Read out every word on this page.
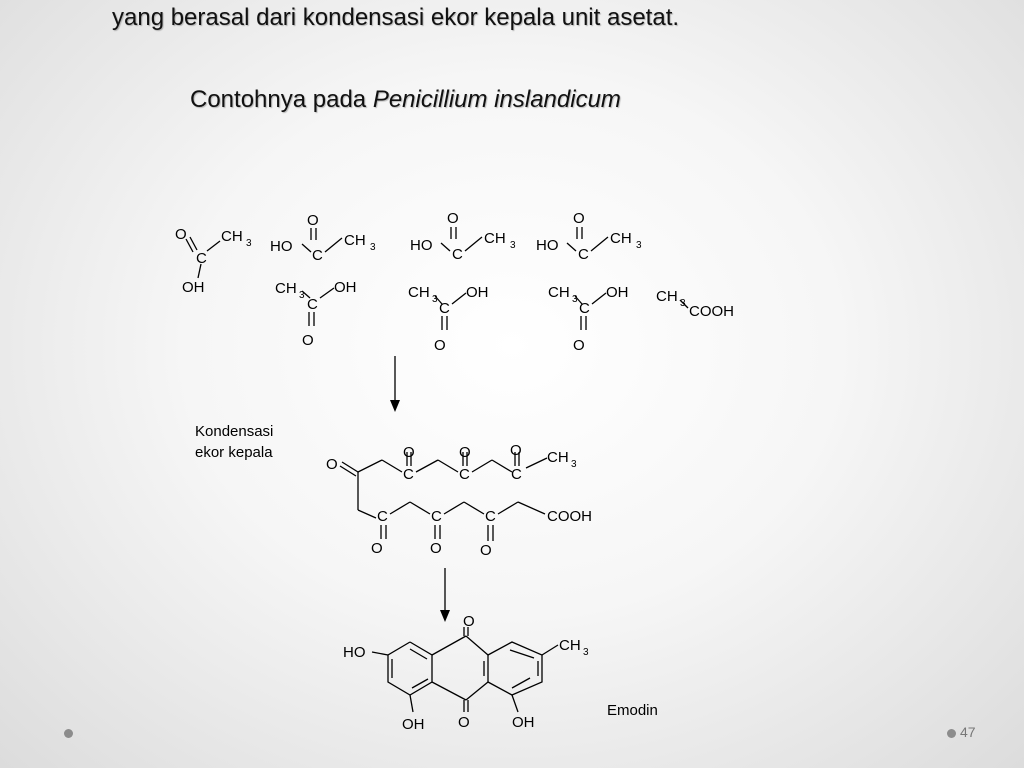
yang berasal dari kondensasi ekor kepala unit asetat.
Contohnya pada Penicillium inslandicum
O CH 3
C
OH
O
HO
C
CH 3
O
HO
C
CH 3
O
HO
C
CH 3
CH 3 OH
C
O
CH 3 OH
C
O
CH 3 OH
C
O
CH 3 COOH
Kondensasi
ekor kepala
O
O
C
O
C
O
C
CH 3
C	C	C	COOH
O	O	O
O
HO	CH 3
OH O	OH
Emodin
47
